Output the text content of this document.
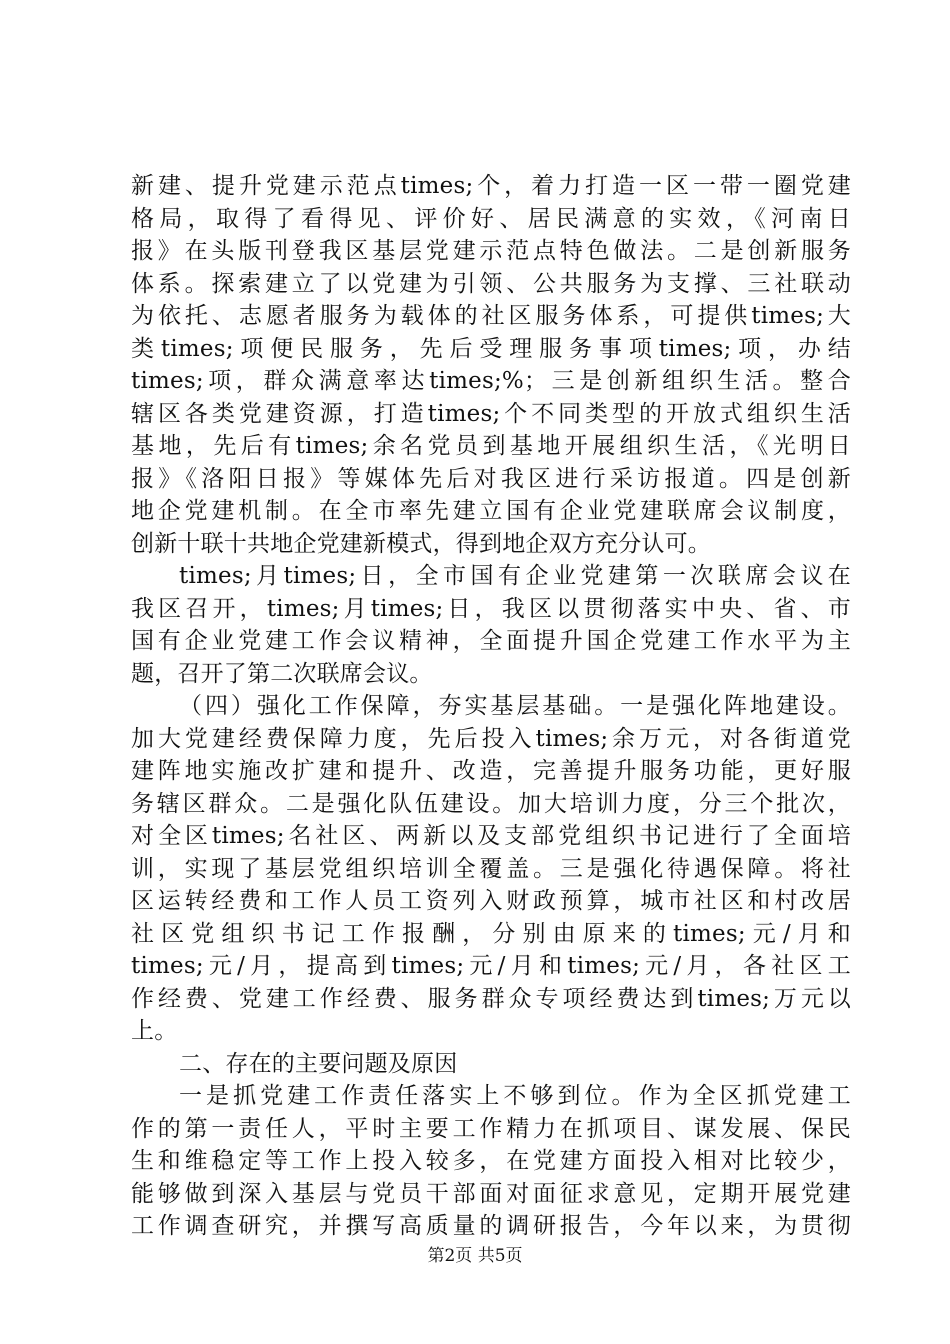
新建、提升党建示范点times;个，着力打造一区一带一圈党建
格局，取得了看得见、评价好、居民满意的实效，《河南日
报》在头版刊登我区基层党建示范点特色做法。二是创新服务
体系。探索建立了以党建为引领、公共服务为支撑、三社联动
为依托、志愿者服务为载体的社区服务体系，可提供times;大
类times;项便民服务，先后受理服务事项times;项，办结
times;项，群众满意率达times;%；三是创新组织生活。整合
辖区各类党建资源，打造times;个不同类型的开放式组织生活
基地，先后有times;余名党员到基地开展组织生活，《光明日
报》《洛阳日报》等媒体先后对我区进行采访报道。四是创新
地企党建机制。在全市率先建立国有企业党建联席会议制度，
创新十联十共地企党建新模式，得到地企双方充分认可。
times;月times;日，全市国有企业党建第一次联席会议在
我区召开，times;月times;日，我区以贯彻落实中央、省、市
国有企业党建工作会议精神，全面提升国企党建工作水平为主
题，召开了第二次联席会议。
（四）强化工作保障，夯实基层基础。一是强化阵地建设。
加大党建经费保障力度，先后投入times;余万元，对各街道党
建阵地实施改扩建和提升、改造，完善提升服务功能，更好服
务辖区群众。二是强化队伍建设。加大培训力度，分三个批次，
对全区times;名社区、两新以及支部党组织书记进行了全面培
训，实现了基层党组织培训全覆盖。三是强化待遇保障。将社
区运转经费和工作人员工资列入财政预算，城市社区和村改居
社区党组织书记工作报酬，分别由原来的times;元/月和
times;元/月，提高到times;元/月和times;元/月，各社区工
作经费、党建工作经费、服务群众专项经费达到times;万元以
上。
二、存在的主要问题及原因
一是抓党建工作责任落实上不够到位。作为全区抓党建工
作的第一责任人，平时主要工作精力在抓项目、谋发展、保民
生和维稳定等工作上投入较多，在党建方面投入相对比较少，
能够做到深入基层与党员干部面对面征求意见，定期开展党建
工作调查研究，并撰写高质量的调研报告，今年以来，为贯彻
第2页 共5页
